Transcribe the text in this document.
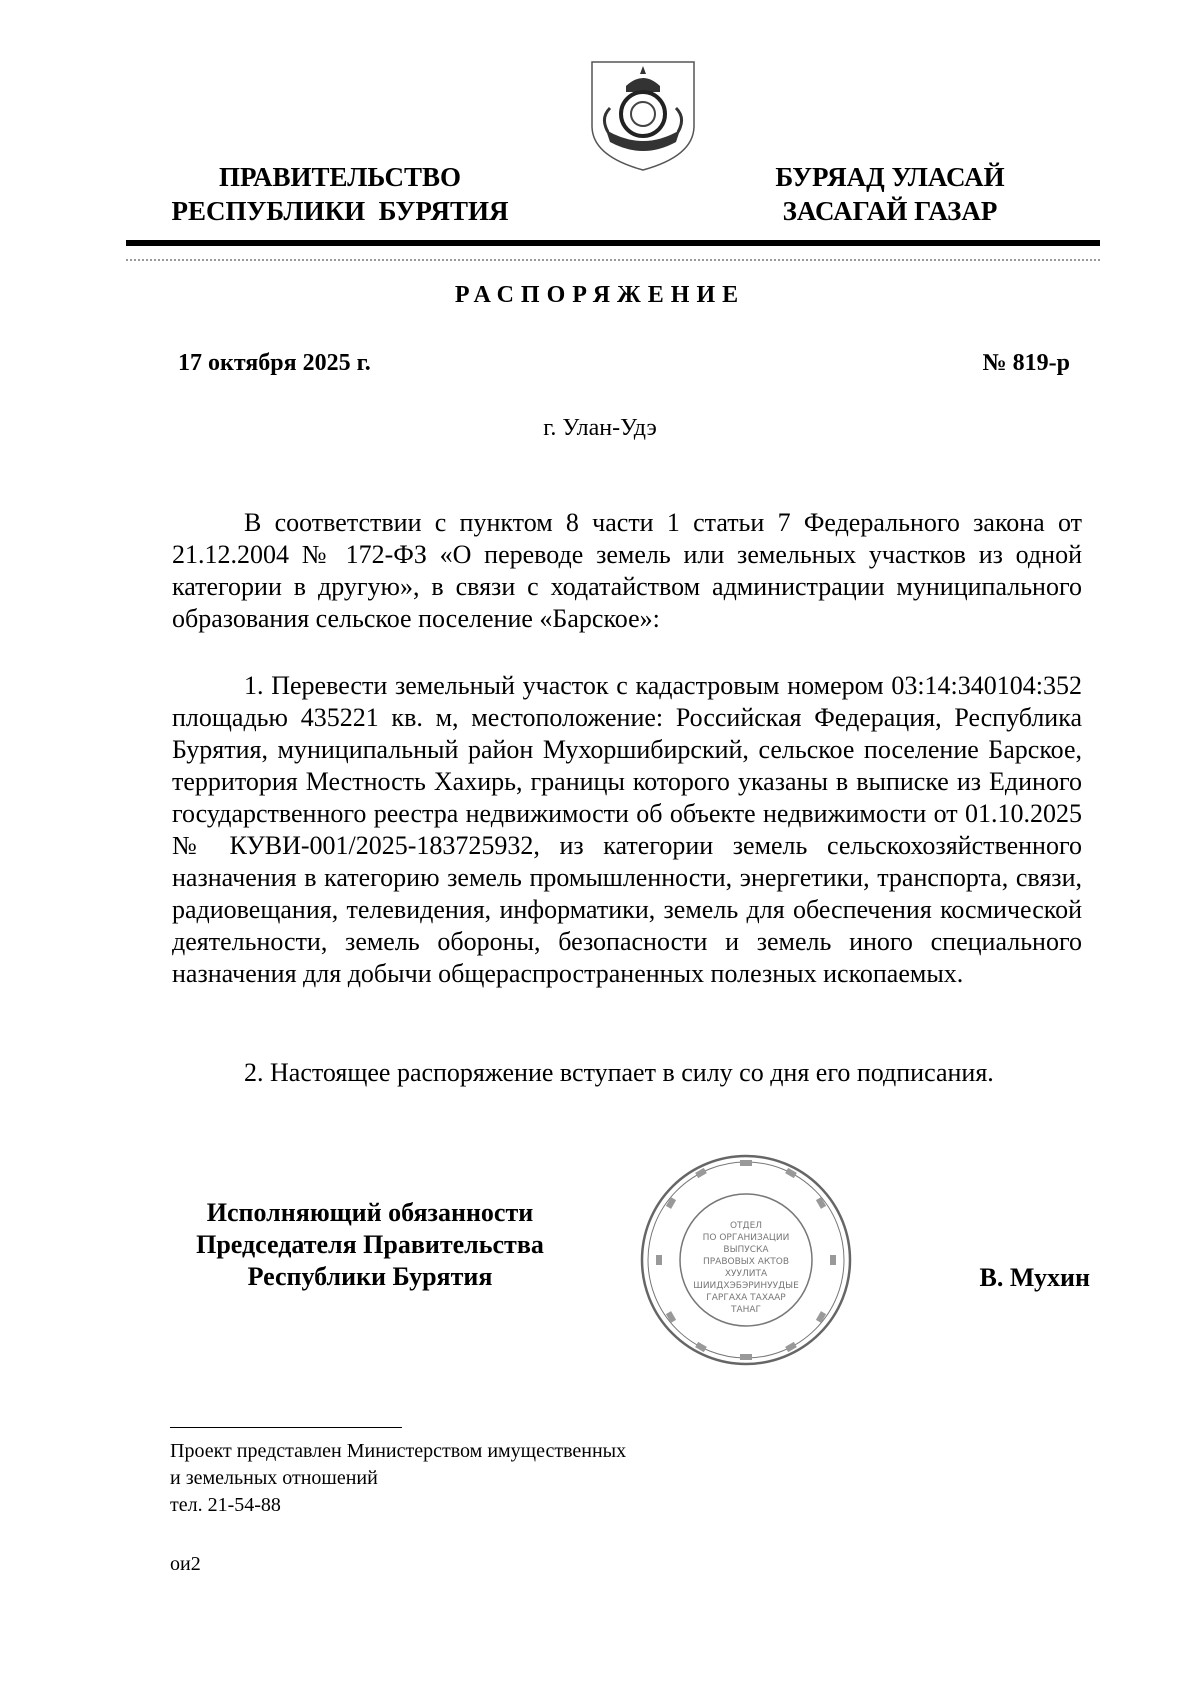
ПРАВИТЕЛЬСТВО
РЕСПУБЛИКИ  БУРЯТИЯ
БУРЯАД УЛАСАЙ
ЗАСАГАЙ ГАЗАР
РАСПОРЯЖЕНИЕ
17 октября 2025 г.	№ 819-р
г. Улан-Удэ
В соответствии с пунктом 8 части 1 статьи 7 Федерального закона от 21.12.2004 № 172-ФЗ «О переводе земель или земельных участков из одной категории в другую», в связи с ходатайством администрации муниципального образования сельское поселение «Барское»:
1. Перевести земельный участок с кадастровым номером 03:14:340104:352 площадью 435221 кв. м, местоположение: Российская Федерация, Республика Бурятия, муниципальный район Мухоршибирский, сельское поселение Барское, территория Местность Хахирь, границы которого указаны в выписке из Единого государственного реестра недвижимости об объекте недвижимости от 01.10.2025 № КУВИ-001/2025-183725932, из категории земель сельскохозяйственного назначения в категорию земель промышленности, энергетики, транспорта, связи, радиовещания, телевидения, информатики, земель для обеспечения космической деятельности, земель обороны, безопасности и земель иного специального назначения для добычи общераспространенных полезных ископаемых.
2. Настоящее распоряжение вступает в силу со дня его подписания.
Исполняющий обязанности
Председателя Правительства
Республики Бурятия
ОТДЕЛ
ПО ОРГАНИЗАЦИИ
ВЫПУСКА
ПРАВОВЫХ АКТОВ
ХУУЛИТА
ШИИДХЭБЭРИНУУДЫЕ
ГАРГАХА ТАХААР
ТАНАГ
В. Мухин
Проект представлен Министерством имущественных
и земельных отношений
тел. 21-54-88
ои2
